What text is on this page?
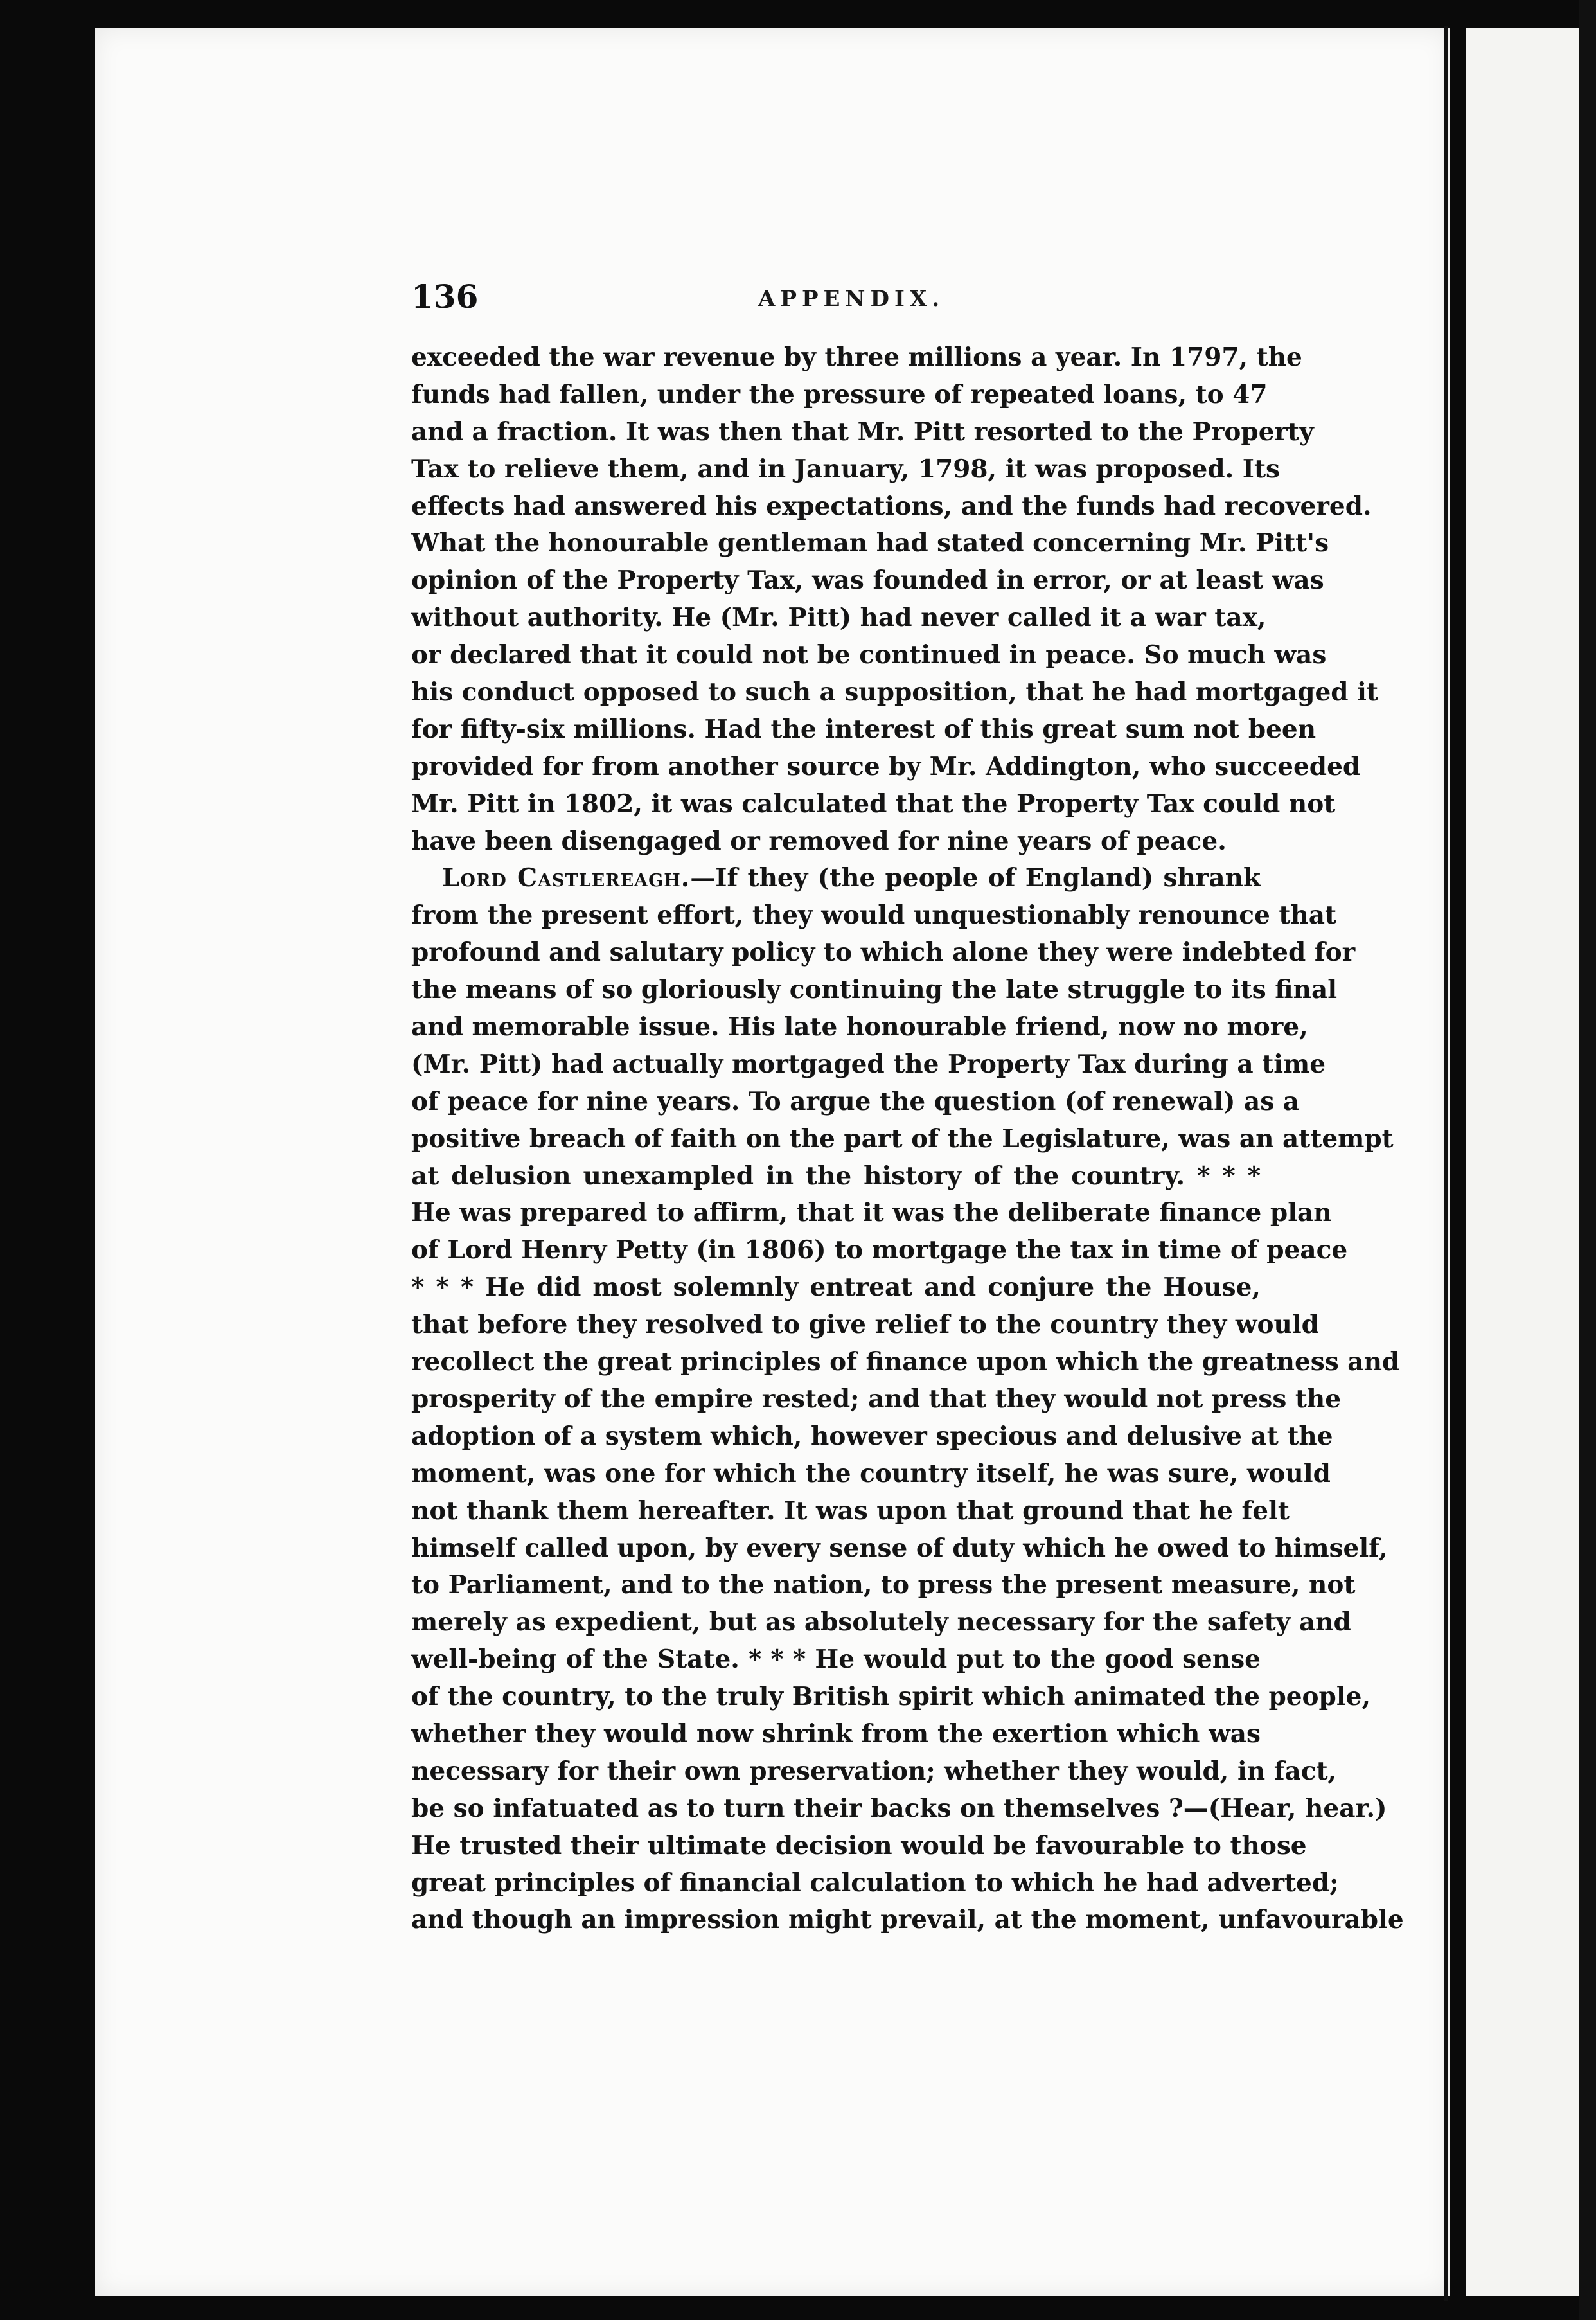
136	APPENDIX.
exceeded the war revenue by three millions a year. In 1797, the
funds had fallen, under the pressure of repeated loans, to 47
and a fraction. It was then that Mr. Pitt resorted to the Property
Tax to relieve them, and in January, 1798, it was proposed. Its
effects had answered his expectations, and the funds had recovered.
What the honourable gentleman had stated concerning Mr. Pitt's
opinion of the Property Tax, was founded in error, or at least was
without authority. He (Mr. Pitt) had never called it a war tax,
or declared that it could not be continued in peace. So much was
his conduct opposed to such a supposition, that he had mortgaged it
for fifty-six millions. Had the interest of this great sum not been
provided for from another source by Mr. Addington, who succeeded
Mr. Pitt in 1802, it was calculated that the Property Tax could not
have been disengaged or removed for nine years of peace.
Lord Castlereagh.—If they (the people of England) shrank
from the present effort, they would unquestionably renounce that
profound and salutary policy to which alone they were indebted for
the means of so gloriously continuing the late struggle to its final
and memorable issue. His late honourable friend, now no more,
(Mr. Pitt) had actually mortgaged the Property Tax during a time
of peace for nine years. To argue the question (of renewal) as a
positive breach of faith on the part of the Legislature, was an attempt
at delusion unexampled in the history of the country. * * *
He was prepared to affirm, that it was the deliberate finance plan
of Lord Henry Petty (in 1806) to mortgage the tax in time of peace
* * * He did most solemnly entreat and conjure the House,
that before they resolved to give relief to the country they would
recollect the great principles of finance upon which the greatness and
prosperity of the empire rested; and that they would not press the
adoption of a system which, however specious and delusive at the
moment, was one for which the country itself, he was sure, would
not thank them hereafter. It was upon that ground that he felt
himself called upon, by every sense of duty which he owed to himself,
to Parliament, and to the nation, to press the present measure, not
merely as expedient, but as absolutely necessary for the safety and
well-being of the State. * * * He would put to the good sense
of the country, to the truly British spirit which animated the people,
whether they would now shrink from the exertion which was
necessary for their own preservation; whether they would, in fact,
be so infatuated as to turn their backs on themselves ?—(Hear, hear.)
He trusted their ultimate decision would be favourable to those
great principles of financial calculation to which he had adverted;
and though an impression might prevail, at the moment, unfavourable
